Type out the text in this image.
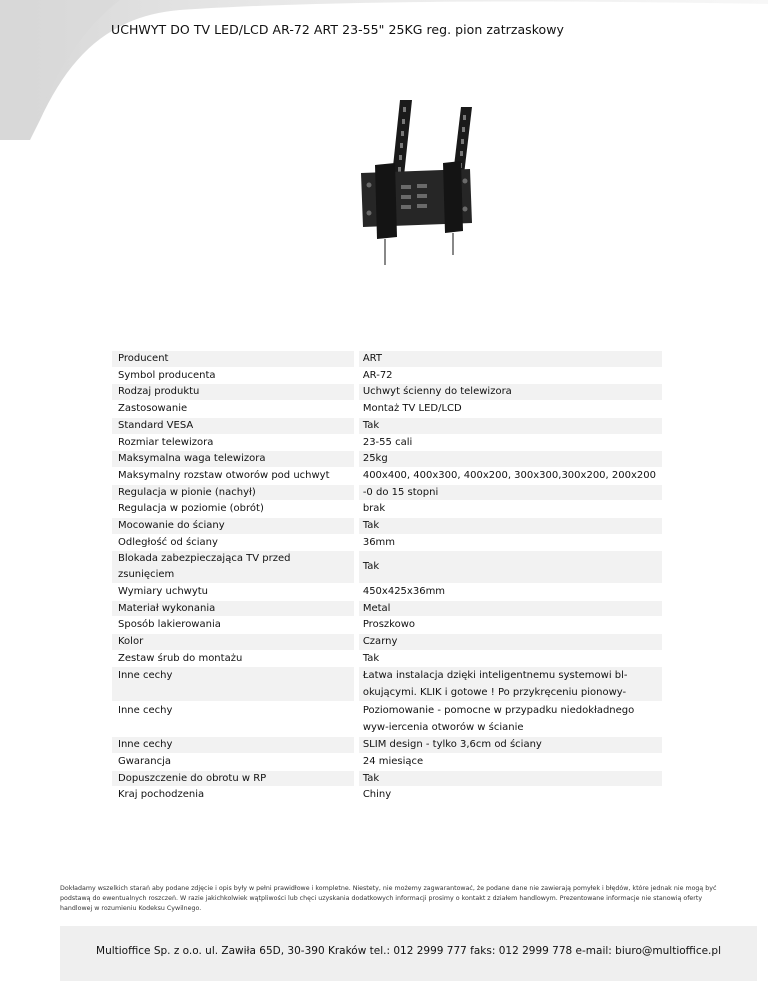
UCHWYT DO TV LED/LCD AR-72 ART 23-55" 25KG reg. pion zatrzaskowy
Producent		ART
Symbol producenta		AR-72
Rodzaj produktu		Uchwyt ścienny do telewizora
Zastosowanie		Montaż TV LED/LCD
Standard VESA		Tak
Rozmiar telewizora		23-55 cali
Maksymalna waga telewizora		25kg
Maksymalny rozstaw otworów pod uchwyt		400x400, 400x300, 400x200, 300x300,300x200, 200x200
Regulacja w pionie (nachył)		-0 do 15 stopni
Regulacja w poziomie (obrót)		brak
Mocowanie do ściany		Tak
Odległość od ściany		36mm
Blokada zabezpieczająca TV przed zsunięciem		Tak
Wymiary uchwytu		450x425x36mm
Materiał wykonania		Metal
Sposób lakierowania		Proszkowo
Kolor		Czarny
Zestaw śrub do montażu		Tak
Inne cechy		Łatwa instalacja dzięki inteligentnemu systemowi bl-okującymi. KLIK i gotowe ! Po przykręceniu pionowy-
Inne cechy		Poziomowanie - pomocne w przypadku niedokładnego wyw-iercenia otworów w ścianie
Inne cechy		SLIM design - tylko 3,6cm od ściany
Gwarancja		24 miesiące
Dopuszczenie do obrotu w RP		Tak
Kraj pochodzenia		Chiny
Dokładamy wszelkich starań aby podane zdjęcie i opis były w pełni prawidłowe i kompletne. Niestety, nie możemy zagwarantować, że podane dane nie zawierają pomyłek i błędów, które jednak nie mogą być podstawą do ewentualnych roszczeń. W razie jakichkolwiek wątpliwości lub chęci uzyskania dodatkowych informacji prosimy o kontakt z działem handlowym. Prezentowane informacje nie stanowią oferty handlowej w rozumieniu Kodeksu Cywilnego.
Multioffice Sp. z o.o. ul. Zawiła 65D, 30-390 Kraków tel.: 012 2999 777 faks: 012 2999 778 e-mail: biuro@multioffice.pl
